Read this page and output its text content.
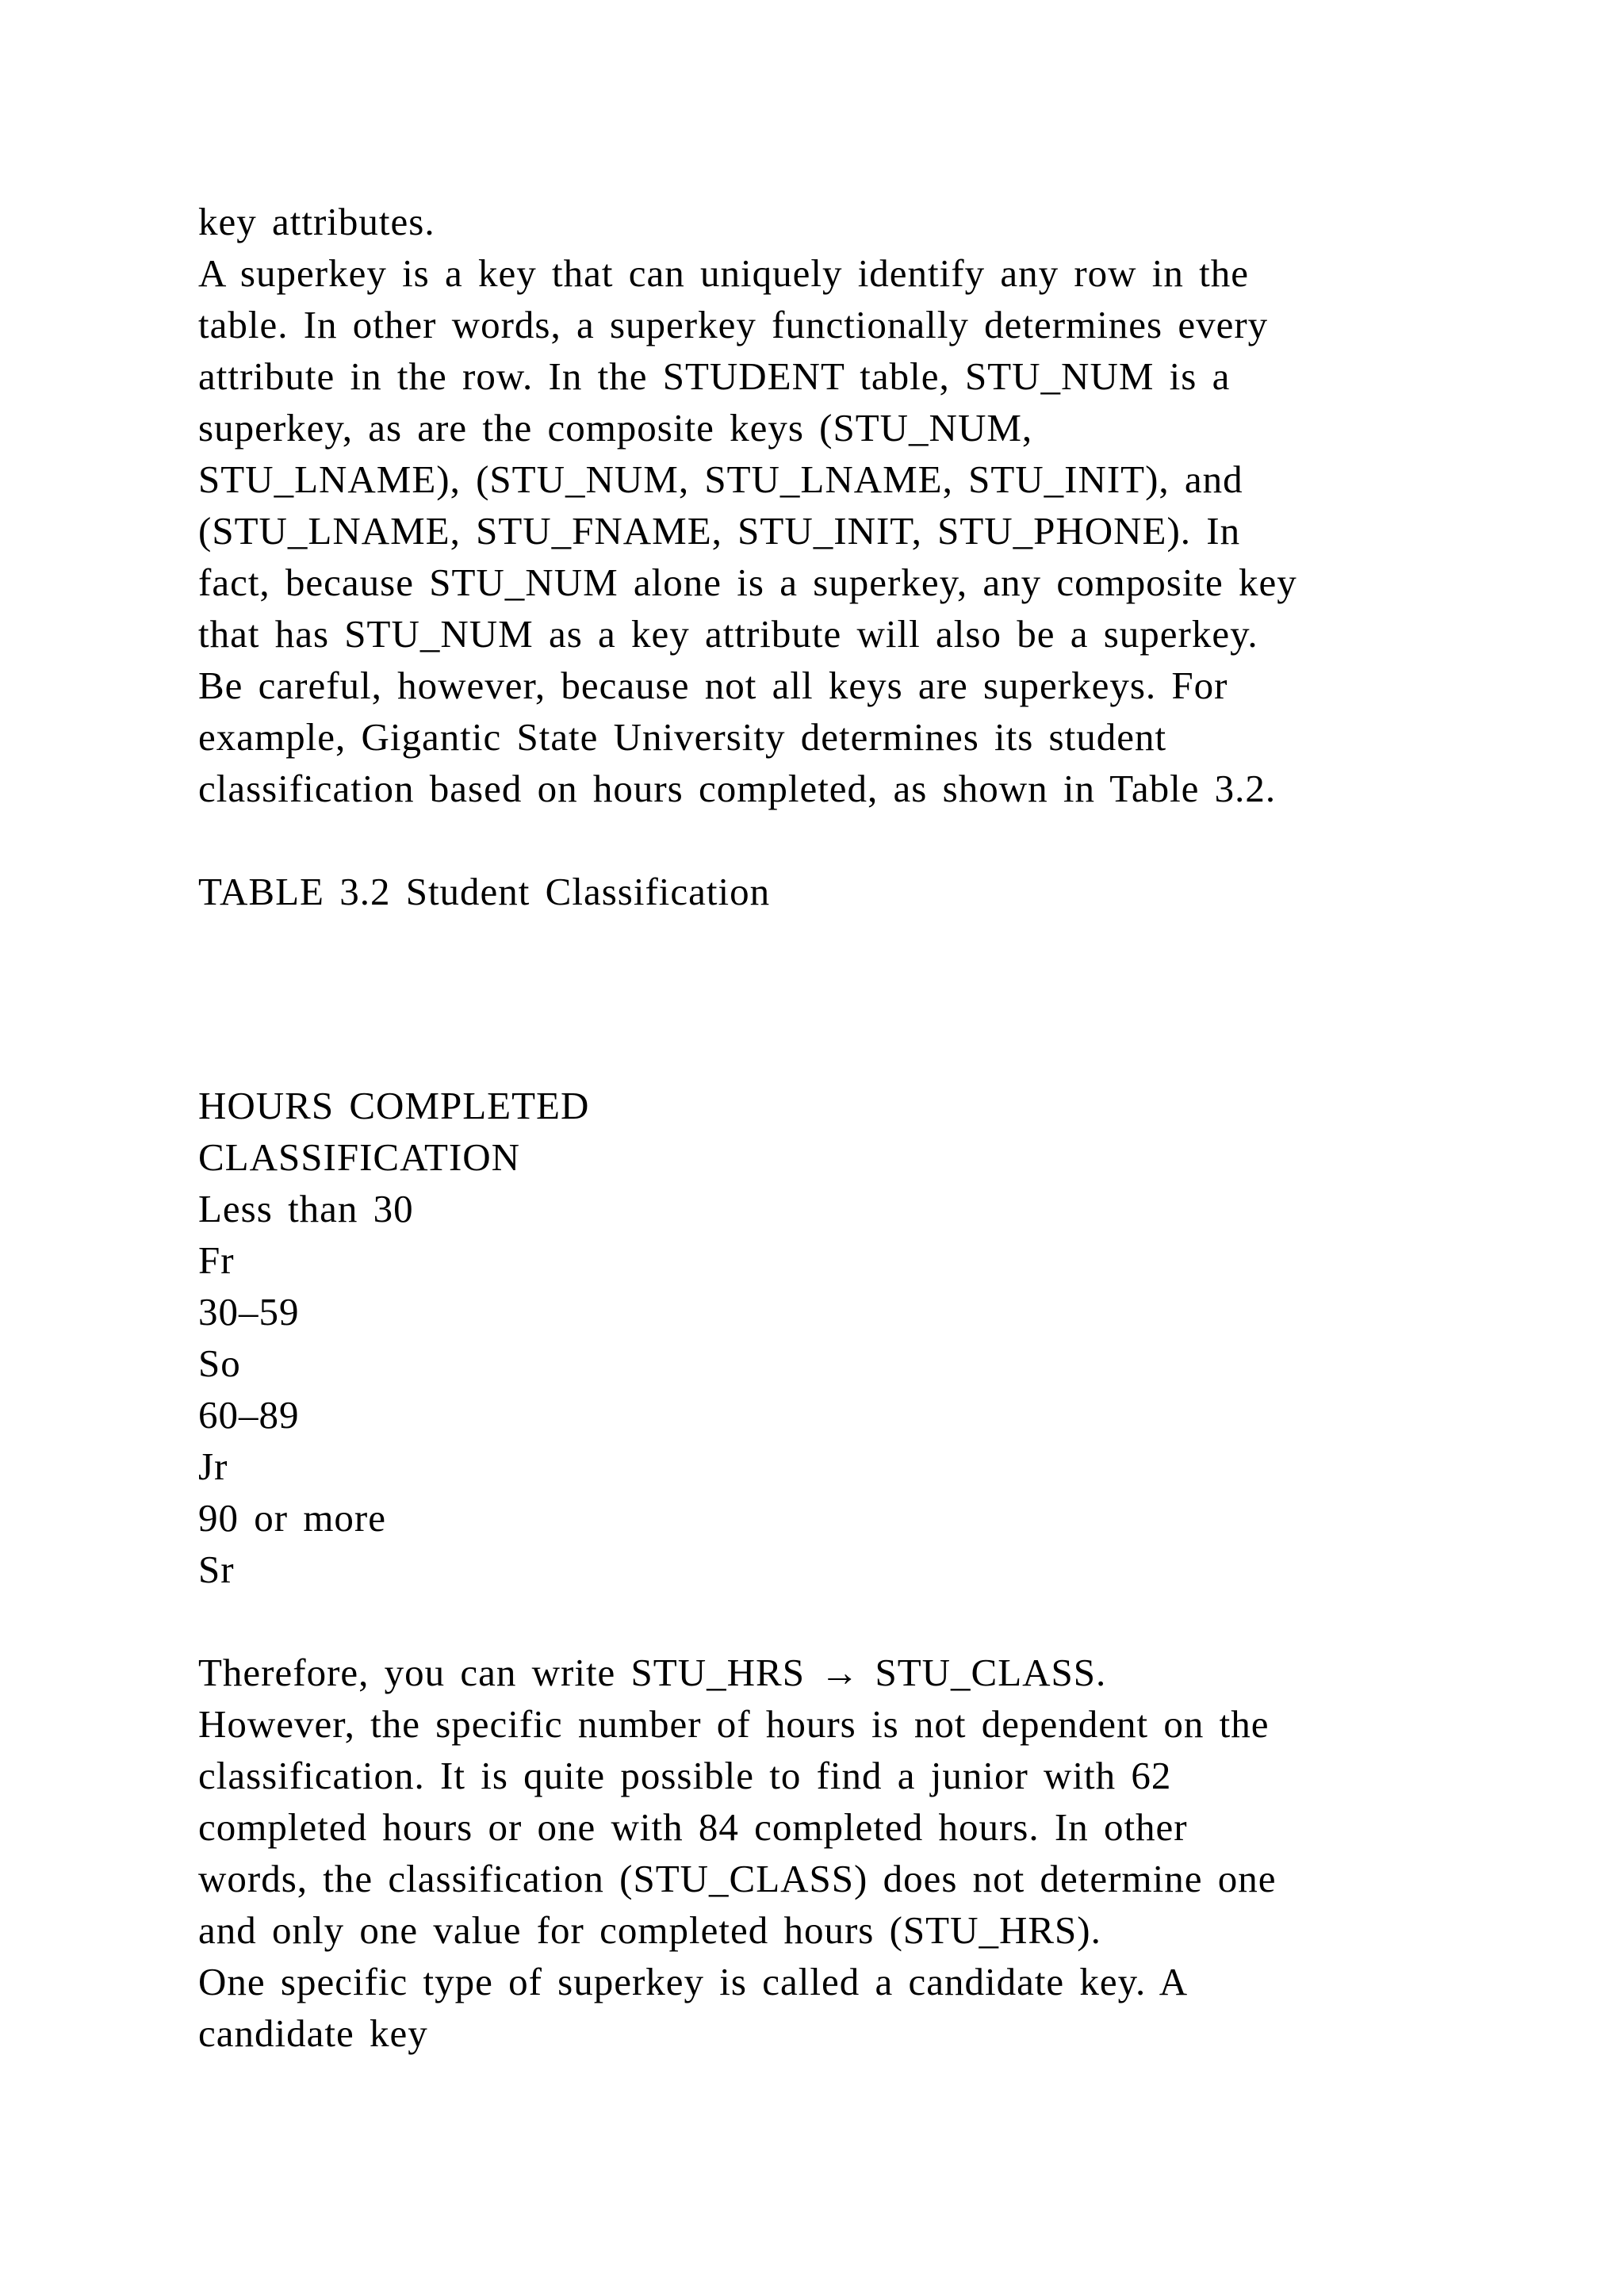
key attributes.

A superkey is a key that can uniquely identify any row in the

table. In other words, a superkey functionally determines every

attribute in the row. In the STUDENT table, STU_NUM is a

superkey, as are the composite keys (STU_NUM,

STU_LNAME), (STU_NUM, STU_LNAME, STU_INIT), and

(STU_LNAME, STU_FNAME, STU_INIT, STU_PHONE). In

fact, because STU_NUM alone is a superkey, any composite key

that has STU_NUM as a key attribute will also be a superkey.

Be careful, however, because not all keys are superkeys. For

example, Gigantic State University determines its student

classification based on hours completed, as shown in Table 3.2.

TABLE 3.2 Student Classification

HOURS COMPLETED

CLASSIFICATION

Less than 30

Fr

30–59

So

60–89

Jr

90 or more

Sr

Therefore, you can write STU_HRS → STU_CLASS.

However, the specific number of hours is not dependent on the

classification. It is quite possible to find a junior with 62

completed hours or one with 84 completed hours. In other

words, the classification (STU_CLASS) does not determine one

and only one value for completed hours (STU_HRS).

One specific type of superkey is called a candidate key. A

candidate key
